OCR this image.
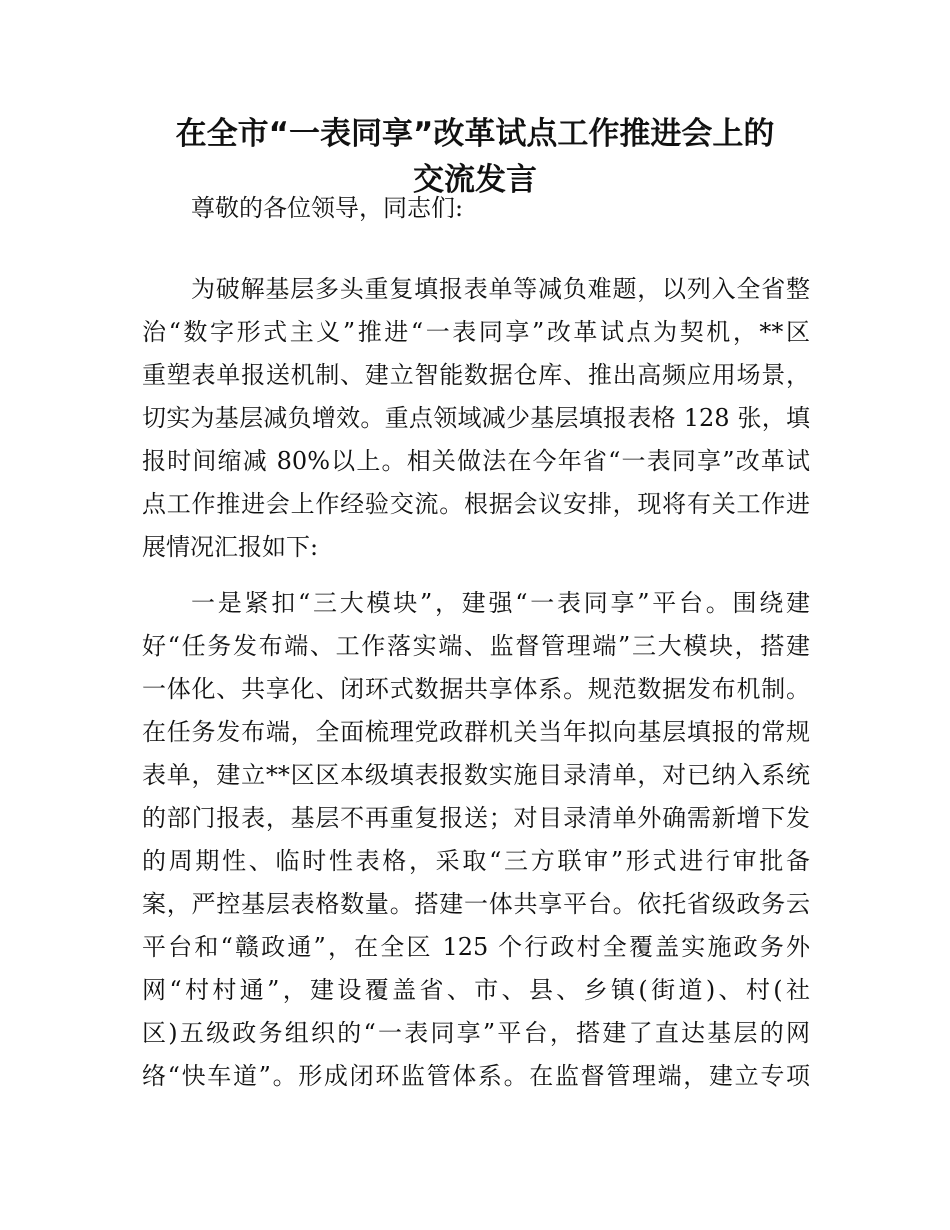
在全市“一表同享”改革试点工作推进会上的
交流发言

尊敬的各位领导，同志们:

为破解基层多头重复填报表单等减负难题，以列入全省整

治“数字形式主义”推进“一表同享”改革试点为契机，**区

重塑表单报送机制、建立智能数据仓库、推出高频应用场景，

切实为基层减负增效。重点领域减少基层填报表格 128 张，填

报时间缩减 80%以上。相关做法在今年省“一表同享”改革试

点工作推进会上作经验交流。根据会议安排，现将有关工作进

展情况汇报如下:

一是紧扣“三大模块”，建强“一表同享”平台。围绕建

好“任务发布端、工作落实端、监督管理端”三大模块，搭建

一体化、共享化、闭环式数据共享体系。规范数据发布机制。

在任务发布端，全面梳理党政群机关当年拟向基层填报的常规

表单，建立**区区本级填表报数实施目录清单，对已纳入系统

的部门报表，基层不再重复报送；对目录清单外确需新增下发

的周期性、临时性表格，采取“三方联审”形式进行审批备

案，严控基层表格数量。搭建一体共享平台。依托省级政务云

平台和“赣政通”，在全区 125 个行政村全覆盖实施政务外

网“村村通”，建设覆盖省、市、县、乡镇(街道)、村(社

区)五级政务组织的“一表同享”平台，搭建了直达基层的网

络“快车道”。形成闭环监管体系。在监督管理端，建立专项
